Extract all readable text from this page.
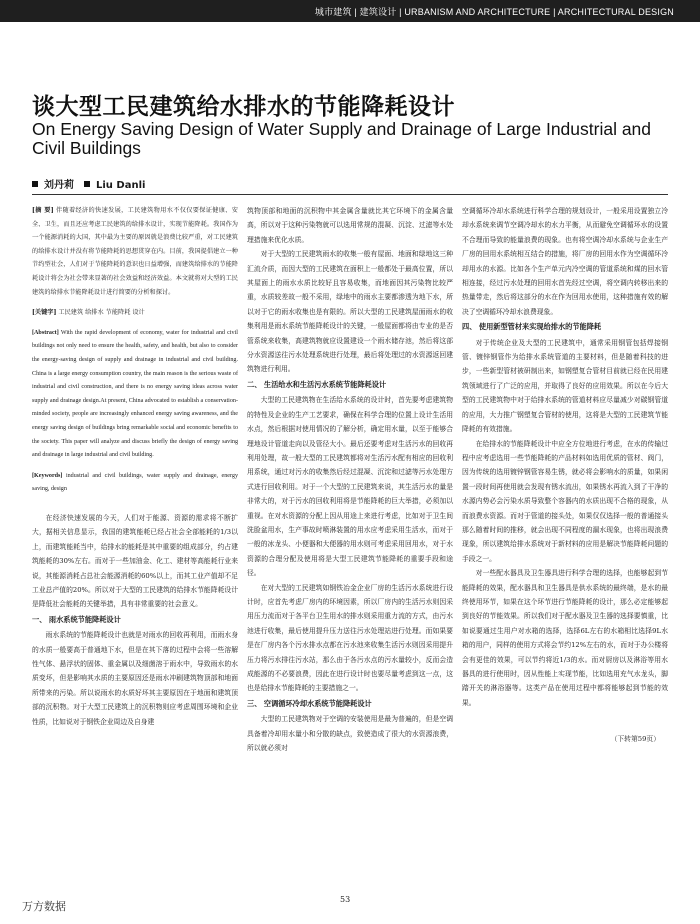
城市建筑 | 建筑设计 | URBANISM AND ARCHITECTURE | ARCHITECTURAL DESIGN
谈大型工民建筑给水排水的节能降耗设计
On Energy Saving Design of Water Supply and Drainage of Large Industrial and Civil Buildings
刘丹莉 Liu Danli

[摘 要] 伴随着经济的快速发展，工民建筑物用水不仅仅要保证健康、安全、卫生，而且还应考虑工民建筑的给排水设计，实现节能降耗。我国作为一个能源消耗的大国，其中最为主要的原因就是浪费比较严重，对工民建筑的给排水设计并没有将节能降耗的思想贯穿在内。目前，我国提倡建立一种节约型社会，人们对于节能降耗的意识也日益增强，而建筑给排水的节能降耗设计将会为社会带来显著的社会效益和经济效益。本文就将对大型的工民建筑的给排水节能降耗设计进行简要的分析和探讨。

[关键字] 工民建筑 给排水 节能降耗 设计

[Abstract] With the rapid development of economy, water for industrial and civil buildings not only need to ensure the health, safety, and health, but also to consider the energy-saving design of supply and drainage in industrial and civil building. China is a large energy consumption country, the main reason is the serious waste of industrial and civil construction, and there is no energy saving ideas across water supply and drainage design.At present, China advocated to establish a conservation-minded society, people are increasingly enhanced energy saving awareness, and the energy saving design of buildings bring remarkable social and economic benefits to the society. This paper will analyze and discuss briefly the design of energy saving and drainage in large industrial and civil building.

[Keywords] industrial and civil buildings, water supply and drainage, energy saving, design

在经济快速发展的今天，人们对于能源、资源的需求将不断扩大，据相关信息显示，我国的建筑能耗已经占社会全部能耗的1/3以上，而建筑能耗当中，给排水的能耗是其中重要的组成部分，约占建筑能耗的30%左右。而对于一些加油金、化工、建材等高能耗行业来说，其能源消耗占总社会能源消耗的60%以上，而其工业产值却不足工业总产值的20%。所以对于大型的工民建筑的给排水节能降耗设计是降低社会能耗的关键举措，具有非常重要的社会意义。

一、 雨水系统节能降耗设计

雨水系统的节能降耗设计也就是对雨水的回收再利用，而雨水身的水质一般要高于普通地下水，但是在其下落的过程中会将一些溶解性气体、悬浮状的固体、重金属以及细菌溶于雨水中，导致雨水的水质变坏，但是影响其水质的主要原因还是雨水冲刷建筑物顶部和地面所带来的污染。所以说雨水的水质好坏其主要原因在于地面和建筑顶部的沉积物。对于大型工民建筑上的沉积物则应考虑周围环境和企业性质，比如说对于钢铁企业周边及自身建

筑物顶部和地面的沉积物中其金属含量就比其它环境下的金属含量高，所以对于这种污染物就可以选用常规的混凝、沉淀、过滤等水处理措施来优化水质。

对于大型的工民建筑雨水的收集一般有屋面、地面和绿地这三种汇流介质，而因大型的工民建筑在面积上一般都处于最高位置，所以其屋面上的雨水水质比较好且容易收集，而地面因其污染物比较严重，水质较差故一般不采用，绿地中的雨水主要都渗透为地下水，所以对于它的雨水收集也是有限的。所以大型的工民建筑屋面雨水的收集利用是雨水系统节能降耗设计的关键，一般屋面都将由专业的是否管系统来收集，高建筑物就应设置建设一个雨水储存池，然后将这部分水资源送往污水处理系统进行处理，最后将处理过的水资源返回建筑物进行利用。

二、 生活给水和生活污水系统节能降耗设计

大型的工民建筑物在生活给水系统的设计时，首先要考虑建筑物的特性及企业的生产工艺要求，确保在科学合理的位置上设计生活用水点，然后根据对使用情况的了解分析，确定用水量，以至于能够合理地设计管道走向以及管径大小。最后还要考虑对生活污水的回收再利用处理，故一般大型的工民建筑都将对生活污水配有相应的回收利用系统，通过对污水的收集然后经过混凝、沉淀和过滤等污水处理方式进行回收利用。对于一个大型的工民建筑来说，其生活污水的量是非常大的，对于污水的回收利用将是节能降耗的巨大举措，必须加以重视。在对水资源的分配上因从用途上来进行考虑，比如对于卫生间洗脸盆用水，生产事故时喷淋装置的用水应考虑采用生活水，而对于一般的冰龙头、小便器和大便器的用水则可考虑采用回用水，对于水资源的合理分配及使用将是大型工民建筑节能降耗的重要手段和途径。

在对大型的工民建筑如钢铁冶金企业厂房的生活污水系统进行设计时，应首先考虑厂房内的环境因素，所以厂房内的生活污水则因采用压力流而对于各平台卫生用水的排水则采用重力流的方式，由污水池进行收集，最后使用提升压力送往污水处理站进行处理。而如果要是在厂房内各个污水排水点都在污水池来收集生活污水则因采用提升压力将污水排往污水站，那么由于各污水点的污水量较小，反而会造成能源的不必要浪费，因此在进行设计时也要尽量考虑到这一点，这也是给排水节能降耗的主要措施之一。

三、 空调循环冷却水系统节能降耗设计

大型的工民建筑物对于空调的安装使用是最为普遍的，但是空调具备着冷却用水量小和分散的缺点，致使造成了很大的水资源浪费，所以就必须对

空调循环冷却水系统进行科学合理的规划设计，一般采用设置独立冷却水系统来调节空调冷却水的水力平衡，从而避免空调循环水的设置不合理而导致的能量浪费的现象。也有将空调冷却水系统与企业生产厂房的回用水系统相互结合的措施，将厂房的回用水作为空调循环冷却用水的水源。比如各个生产单元内冷空调的管道系统和煤的回水管相连接，经过污水处理的回用水首先经过空调，将空调内转移出来的热量带走，然后将这部分的水在作为回用水使用，这种措施有效的解决了空调循环冷却水浪费现象。

四、 使用新型管材来实现给排水的节能降耗

对于传统企业及大型的工民建筑中，通常采用钢管包括焊接钢管、镀锌钢管作为给排水系统管道的主要材料，但是随着科技的进步，一些新型管材被研制出来，如钢塑复合管材目前就已经在民用建筑领域进行了广泛的应用，并取得了良好的应用效果。所以在今后大型的工民建筑物中对于给排水系统的管道材料应尽量减少对碳钢管道的应用，大力推广钢塑复合管材的使用，这将是大型的工民建筑节能降耗的有效措施。

在给排水的节能降耗设计中应全方位地进行考虑，在水的传输过程中应考虑选用一些节能降耗的产品材料如选用优质的管材、阀门，因为传统的选用镀锌钢管容易生锈，就必将会影响水的质量，如果闲置一段时间再使用就会发现有锈水流出，如果锈水再流入到了干净的水源内势必会污染水质导致整个容器内的水质出现不合格的现象，从而浪费水资源。而对于管道的接头处，如果仅仅选择一般的普通接头那么随着时间的推移，就会出现不同程度的漏水现象，也将出现浪费现象，所以建筑给排水系统对于新材料的应用是解决节能降耗问题的手段之一。

对一些配水器具及卫生器具进行科学合理的选择，也能够起到节能降耗的效果，配水器具和卫生器具是供水系统的最终端，是水的最终使用环节，如果在这个环节进行节能降耗的设计，那么必定能够起到良好的节能效果。所以我们对于配水器及卫生器的选择要慎重，比如说要通过生用户对水箱的选择，选择6L左右的水箱相比选择9L水箱的用户，同样的使用方式将会节约12%左右的水，而对于办公楼将会有更佳的效果，可以节约将近1/3的水。而对厨房以及淋浴等用水器具的进行使用时，因从性能上实现节能，比如选用充气水龙头，脚踏开关的淋浴器等。这类产品在使用过程中都将能够起到节能的效果。

（下转第59页）

53
万方数据
